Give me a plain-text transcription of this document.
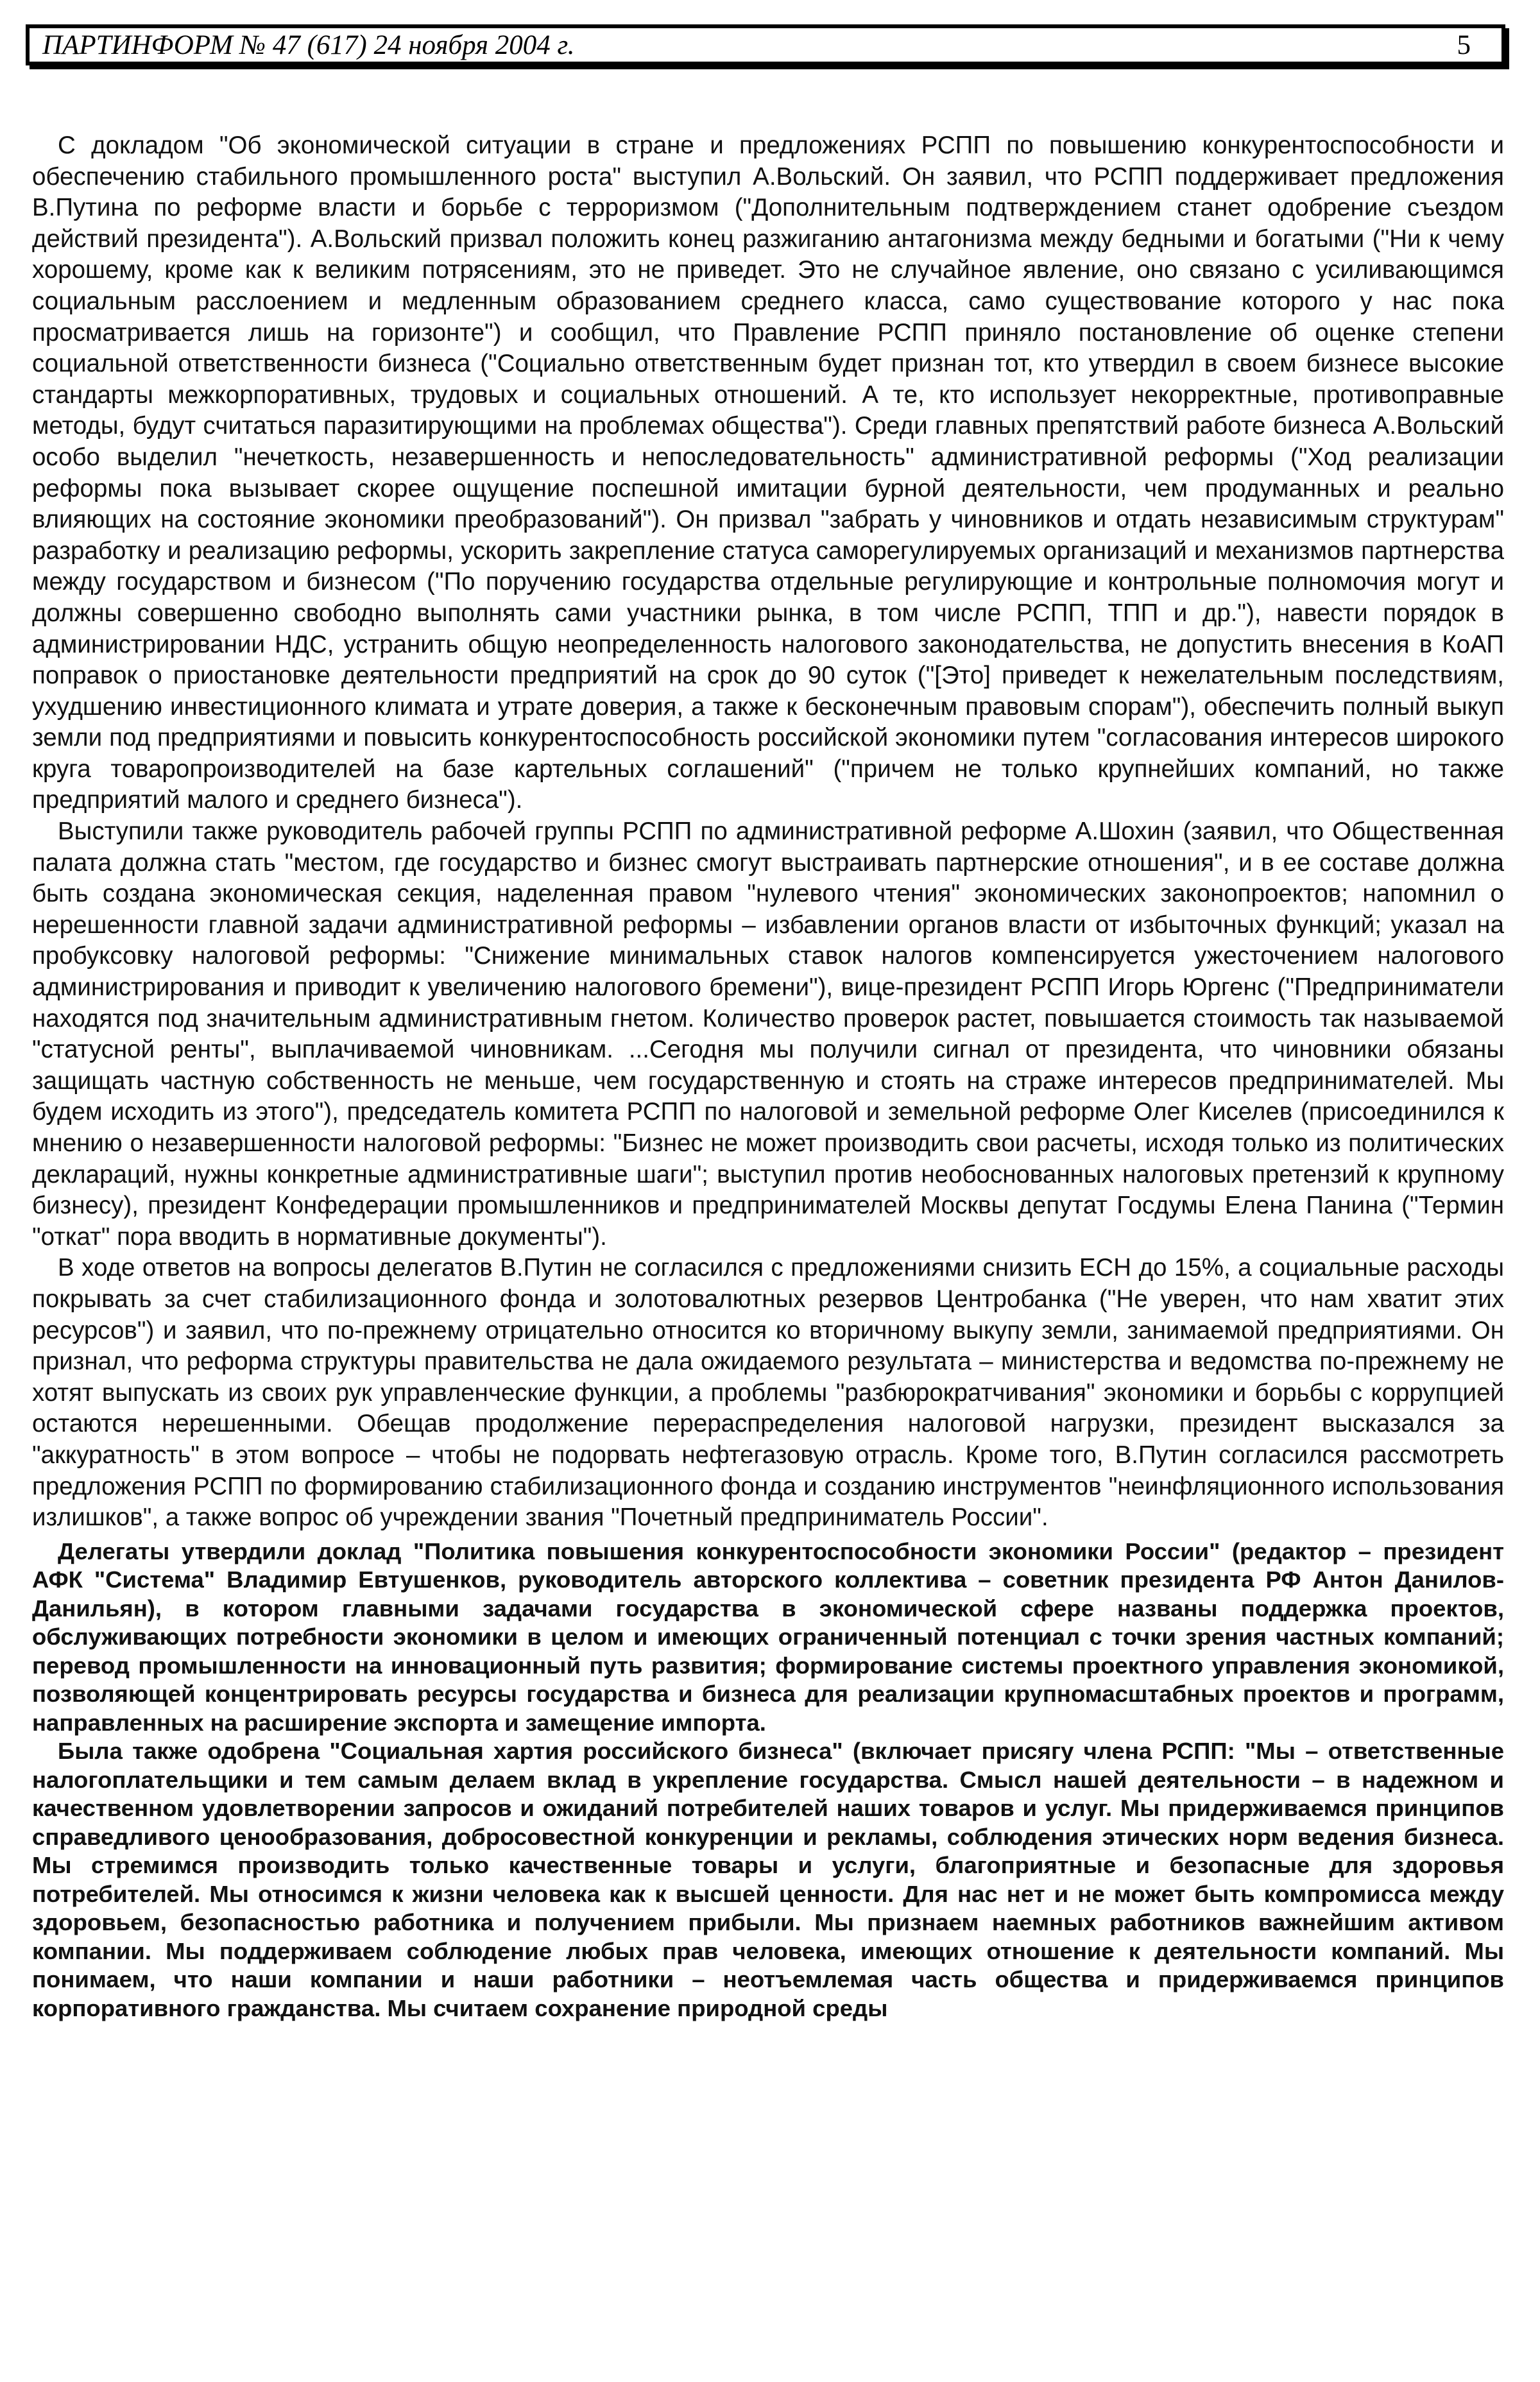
ПАРТИНФОРМ № 47 (617) 24 ноября 2004 г.	5

С докладом "Об экономической ситуации в стране и предложениях РСПП по повышению конкурентоспособности и обеспечению стабильного промышленного роста" выступил А.Вольский. Он заявил, что РСПП поддерживает предложения В.Путина по реформе власти и борьбе с терроризмом ("Дополнительным подтверждением станет одобрение съездом действий президента"). А.Вольский призвал положить конец разжиганию антагонизма между бедными и богатыми ("Ни к чему хорошему, кроме как к великим потрясениям, это не приведет. Это не случайное явление, оно связано с усиливающимся социальным расслоением и медленным образованием среднего класса, само существование которого у нас пока просматривается лишь на горизонте") и сообщил, что Правление РСПП приняло постановление об оценке степени социальной ответственности бизнеса ("Социально ответственным будет признан тот, кто утвердил в своем бизнесе высокие стандарты межкорпоративных, трудовых и социальных отношений. А те, кто использует некорректные, противоправные методы, будут считаться паразитирующими на проблемах общества"). Среди главных препятствий работе бизнеса А.Вольский особо выделил "нечеткость, незавершенность и непоследовательность" административной реформы ("Ход реализации реформы пока вызывает скорее ощущение поспешной имитации бурной деятельности, чем продуманных и реально влияющих на состояние экономики преобразований"). Он призвал "забрать у чиновников и отдать независимым структурам" разработку и реализацию реформы, ускорить закрепление статуса саморегулируемых организаций и механизмов партнерства между государством и бизнесом ("По поручению государства отдельные регулирующие и контрольные полномочия могут и должны совершенно свободно выполнять сами участники рынка, в том числе РСПП, ТПП и др."), навести порядок в администрировании НДС, устранить общую неопределенность налогового законодательства, не допустить внесения в КоАП поправок о приостановке деятельности предприятий на срок до 90 суток ("[Это] приведет к нежелательным последствиям, ухудшению инвестиционного климата и утрате доверия, а также к бесконечным правовым спорам"), обеспечить полный выкуп земли под предприятиями и повысить конкурентоспособность российской экономики путем "согласования интересов широкого круга товаропроизводителей на базе картельных соглашений" ("причем не только крупнейших компаний, но также предприятий малого и среднего бизнеса").

Выступили также руководитель рабочей группы РСПП по административной реформе А.Шохин (заявил, что Общественная палата должна стать "местом, где государство и бизнес смогут выстраивать партнерские отношения", и в ее составе должна быть создана экономическая секция, наделенная правом "нулевого чтения" экономических законопроектов; напомнил о нерешенности главной задачи административной реформы – избавлении органов власти от избыточных функций; указал на пробуксовку налоговой реформы: "Снижение минимальных ставок налогов компенсируется ужесточением налогового администрирования и приводит к увеличению налогового бремени"), вице-президент РСПП Игорь Юргенс ("Предприниматели находятся под значительным административным гнетом. Количество проверок растет, повышается стоимость так называемой "статусной ренты", выплачиваемой чиновникам. ...Сегодня мы получили сигнал от президента, что чиновники обязаны защищать частную собственность не меньше, чем государственную и стоять на страже интересов предпринимателей. Мы будем исходить из этого"), председатель комитета РСПП по налоговой и земельной реформе Олег Киселев (присоединился к мнению о незавершенности налоговой реформы: "Бизнес не может производить свои расчеты, исходя только из политических деклараций, нужны конкретные административные шаги"; выступил против необоснованных налоговых претензий к крупному бизнесу), президент Конфедерации промышленников и предпринимателей Москвы депутат Госдумы Елена Панина ("Термин "откат" пора вводить в нормативные документы").

В ходе ответов на вопросы делегатов В.Путин не согласился с предложениями снизить ЕСН до 15%, а социальные расходы покрывать за счет стабилизационного фонда и золотовалютных резервов Центробанка ("Не уверен, что нам хватит этих ресурсов") и заявил, что по-прежнему отрицательно относится ко вторичному выкупу земли, занимаемой предприятиями. Он признал, что реформа структуры правительства не дала ожидаемого результата – министерства и ведомства по-прежнему не хотят выпускать из своих рук управленческие функции, а проблемы "разбюрократчивания" экономики и борьбы с коррупцией остаются нерешенными. Обещав продолжение перераспределения налоговой нагрузки, президент высказался за "аккуратность" в этом вопросе – чтобы не подорвать нефтегазовую отрасль. Кроме того, В.Путин согласился рассмотреть предложения РСПП по формированию стабилизационного фонда и созданию инструментов "неинфляционного использования излишков", а также вопрос об учреждении звания "Почетный предприниматель России".

Делегаты утвердили доклад "Политика повышения конкурентоспособности экономики России" (редактор – президент АФК "Система" Владимир Евтушенков, руководитель авторского коллектива – советник президента РФ Антон Данилов-Данильян), в котором главными задачами государства в экономической сфере названы поддержка проектов, обслуживающих потребности экономики в целом и имеющих ограниченный потенциал с точки зрения частных компаний; перевод промышленности на инновационный путь развития; формирование системы проектного управления экономикой, позволяющей концентрировать ресурсы государства и бизнеса для реализации крупномасштабных проектов и программ, направленных на расширение экспорта и замещение импорта.

Была также одобрена "Социальная хартия российского бизнеса" (включает присягу члена РСПП: "Мы – ответственные налогоплательщики и тем самым делаем вклад в укрепление государства. Смысл нашей деятельности – в надежном и качественном удовлетворении запросов и ожиданий потребителей наших товаров и услуг. Мы придерживаемся принципов справедливого ценообразования, добросовестной конкуренции и рекламы, соблюдения этических норм ведения бизнеса. Мы стремимся производить только качественные товары и услуги, благоприятные и безопасные для здоровья потребителей. Мы относимся к жизни человека как к высшей ценности. Для нас нет и не может быть компромисса между здоровьем, безопасностью работника и получением прибыли. Мы признаем наемных работников важнейшим активом компании. Мы поддерживаем соблюдение любых прав человека, имеющих отношение к деятельности компаний. Мы понимаем, что наши компании и наши работники – неотъемлемая часть общества и придерживаемся принципов корпоративного гражданства. Мы считаем сохранение природной среды
